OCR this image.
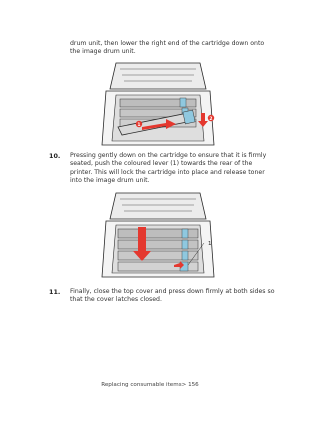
drum unit, then lower the right end of the cartridge down onto the image drum unit.
1
2
10. Pressing gently down on the cartridge to ensure that it is firmly seated, push the coloured lever (1) towards the rear of the printer. This will lock the cartridge into place and release toner into the image drum unit.
1
11. Finally, close the top cover and press down firmly at both sides so that the cover latches closed.
Replacing consumable items> 156
